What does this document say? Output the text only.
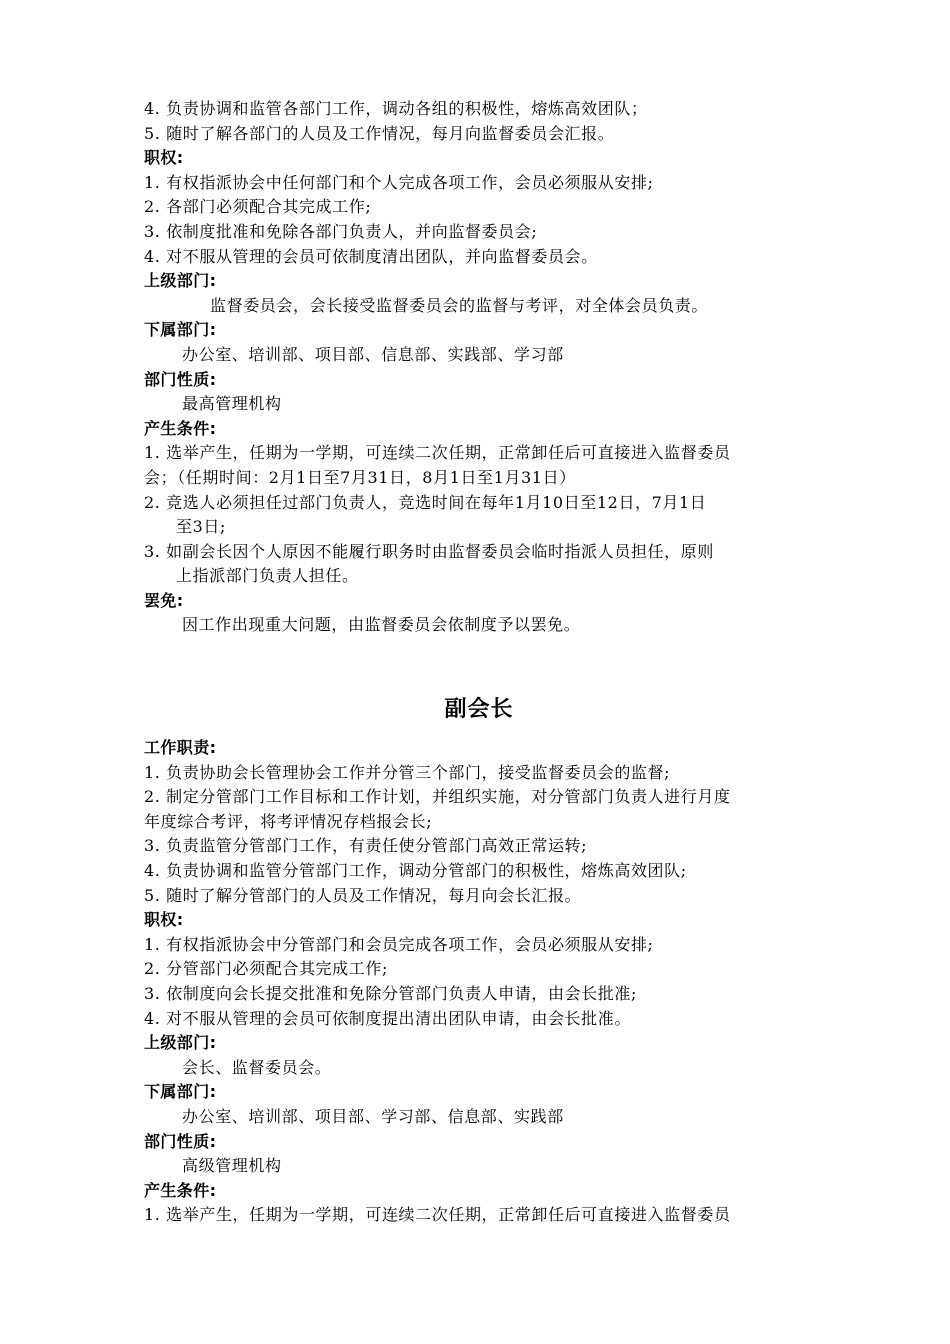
4. 负责协调和监管各部门工作，调动各组的积极性，熔炼高效团队；
5. 随时了解各部门的人员及工作情况，每月向监督委员会汇报。
职权:
1. 有权指派协会中任何部门和个人完成各项工作，会员必须服从安排;
2. 各部门必须配合其完成工作;
3. 依制度批准和免除各部门负责人，并向监督委员会;
4. 对不服从管理的会员可依制度清出团队，并向监督委员会。
上级部门:
监督委员会，会长接受监督委员会的监督与考评，对全体会员负责。
下属部门:
办公室、培训部、项目部、信息部、实践部、学习部
部门性质:
最高管理机构
产生条件:
1. 选举产生，任期为一学期，可连续二次任期，正常卸任后可直接进入监督委员
会；（任期时间：2月1日至7月31日，8月1日至1月31日）
2. 竞选人必须担任过部门负责人，竞选时间在每年1月10日至12日，7月1日
至3日;
3. 如副会长因个人原因不能履行职务时由监督委员会临时指派人员担任，原则
上指派部门负责人担任。
罢免:
因工作出现重大问题，由监督委员会依制度予以罢免。
副会长
工作职责:
1. 负责协助会长管理协会工作并分管三个部门，接受监督委员会的监督;
2. 制定分管部门工作目标和工作计划，并组织实施，对分管部门负责人进行月度
年度综合考评，将考评情况存档报会长;
3. 负责监管分管部门工作，有责任使分管部门高效正常运转;
4. 负责协调和监管分管部门工作，调动分管部门的积极性，熔炼高效团队;
5. 随时了解分管部门的人员及工作情况，每月向会长汇报。
职权:
1. 有权指派协会中分管部门和会员完成各项工作，会员必须服从安排;
2. 分管部门必须配合其完成工作;
3. 依制度向会长提交批准和免除分管部门负责人申请，由会长批准;
4. 对不服从管理的会员可依制度提出清出团队申请，由会长批准。
上级部门:
会长、监督委员会。
下属部门:
办公室、培训部、项目部、学习部、信息部、实践部
部门性质:
高级管理机构
产生条件:
1. 选举产生，任期为一学期，可连续二次任期，正常卸任后可直接进入监督委员
